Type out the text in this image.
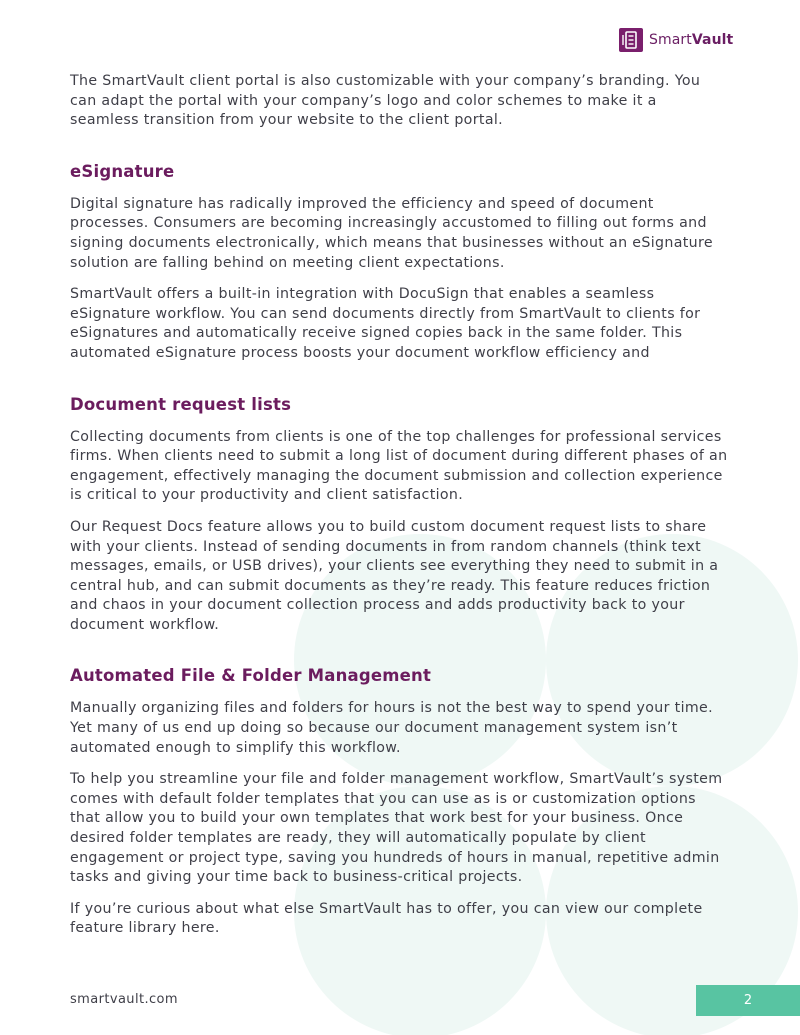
SmartVault

The SmartVault client portal is also customizable with your company’s branding. You can adapt the portal with your company’s logo and color schemes to make it a seamless transition from your website to the client portal.

eSignature

Digital signature has radically improved the efficiency and speed of document processes. Consumers are becoming increasingly accustomed to filling out forms and signing documents electronically, which means that businesses without an eSignature solution are falling behind on meeting client expectations.

SmartVault offers a built-in integration with DocuSign that enables a seamless eSignature workflow. You can send documents directly from SmartVault to clients for eSignatures and automatically receive signed copies back in the same folder. This automated eSignature process boosts your document workflow efficiency and

Document request lists

Collecting documents from clients is one of the top challenges for professional services firms. When clients need to submit a long list of document during different phases of an engagement, effectively managing the document submission and collection experience is critical to your productivity and client satisfaction.

Our Request Docs feature allows you to build custom document request lists to share with your clients. Instead of sending documents in from random channels (think text messages, emails, or USB drives), your clients see everything they need to submit in a central hub, and can submit documents as they’re ready. This feature reduces friction and chaos in your document collection process and adds productivity back to your document workflow.

Automated File & Folder Management

Manually organizing files and folders for hours is not the best way to spend your time. Yet many of us end up doing so because our document management system isn’t automated enough to simplify this workflow.

To help you streamline your file and folder management workflow, SmartVault’s system comes with default folder templates that you can use as is or customization options that allow you to build your own templates that work best for your business. Once desired folder templates are ready, they will automatically populate by client engagement or project type, saving you hundreds of hours in manual, repetitive admin tasks and giving your time back to business-critical projects.

If you’re curious about what else SmartVault has to offer, you can view our complete feature library here.

smartvault.com	2
